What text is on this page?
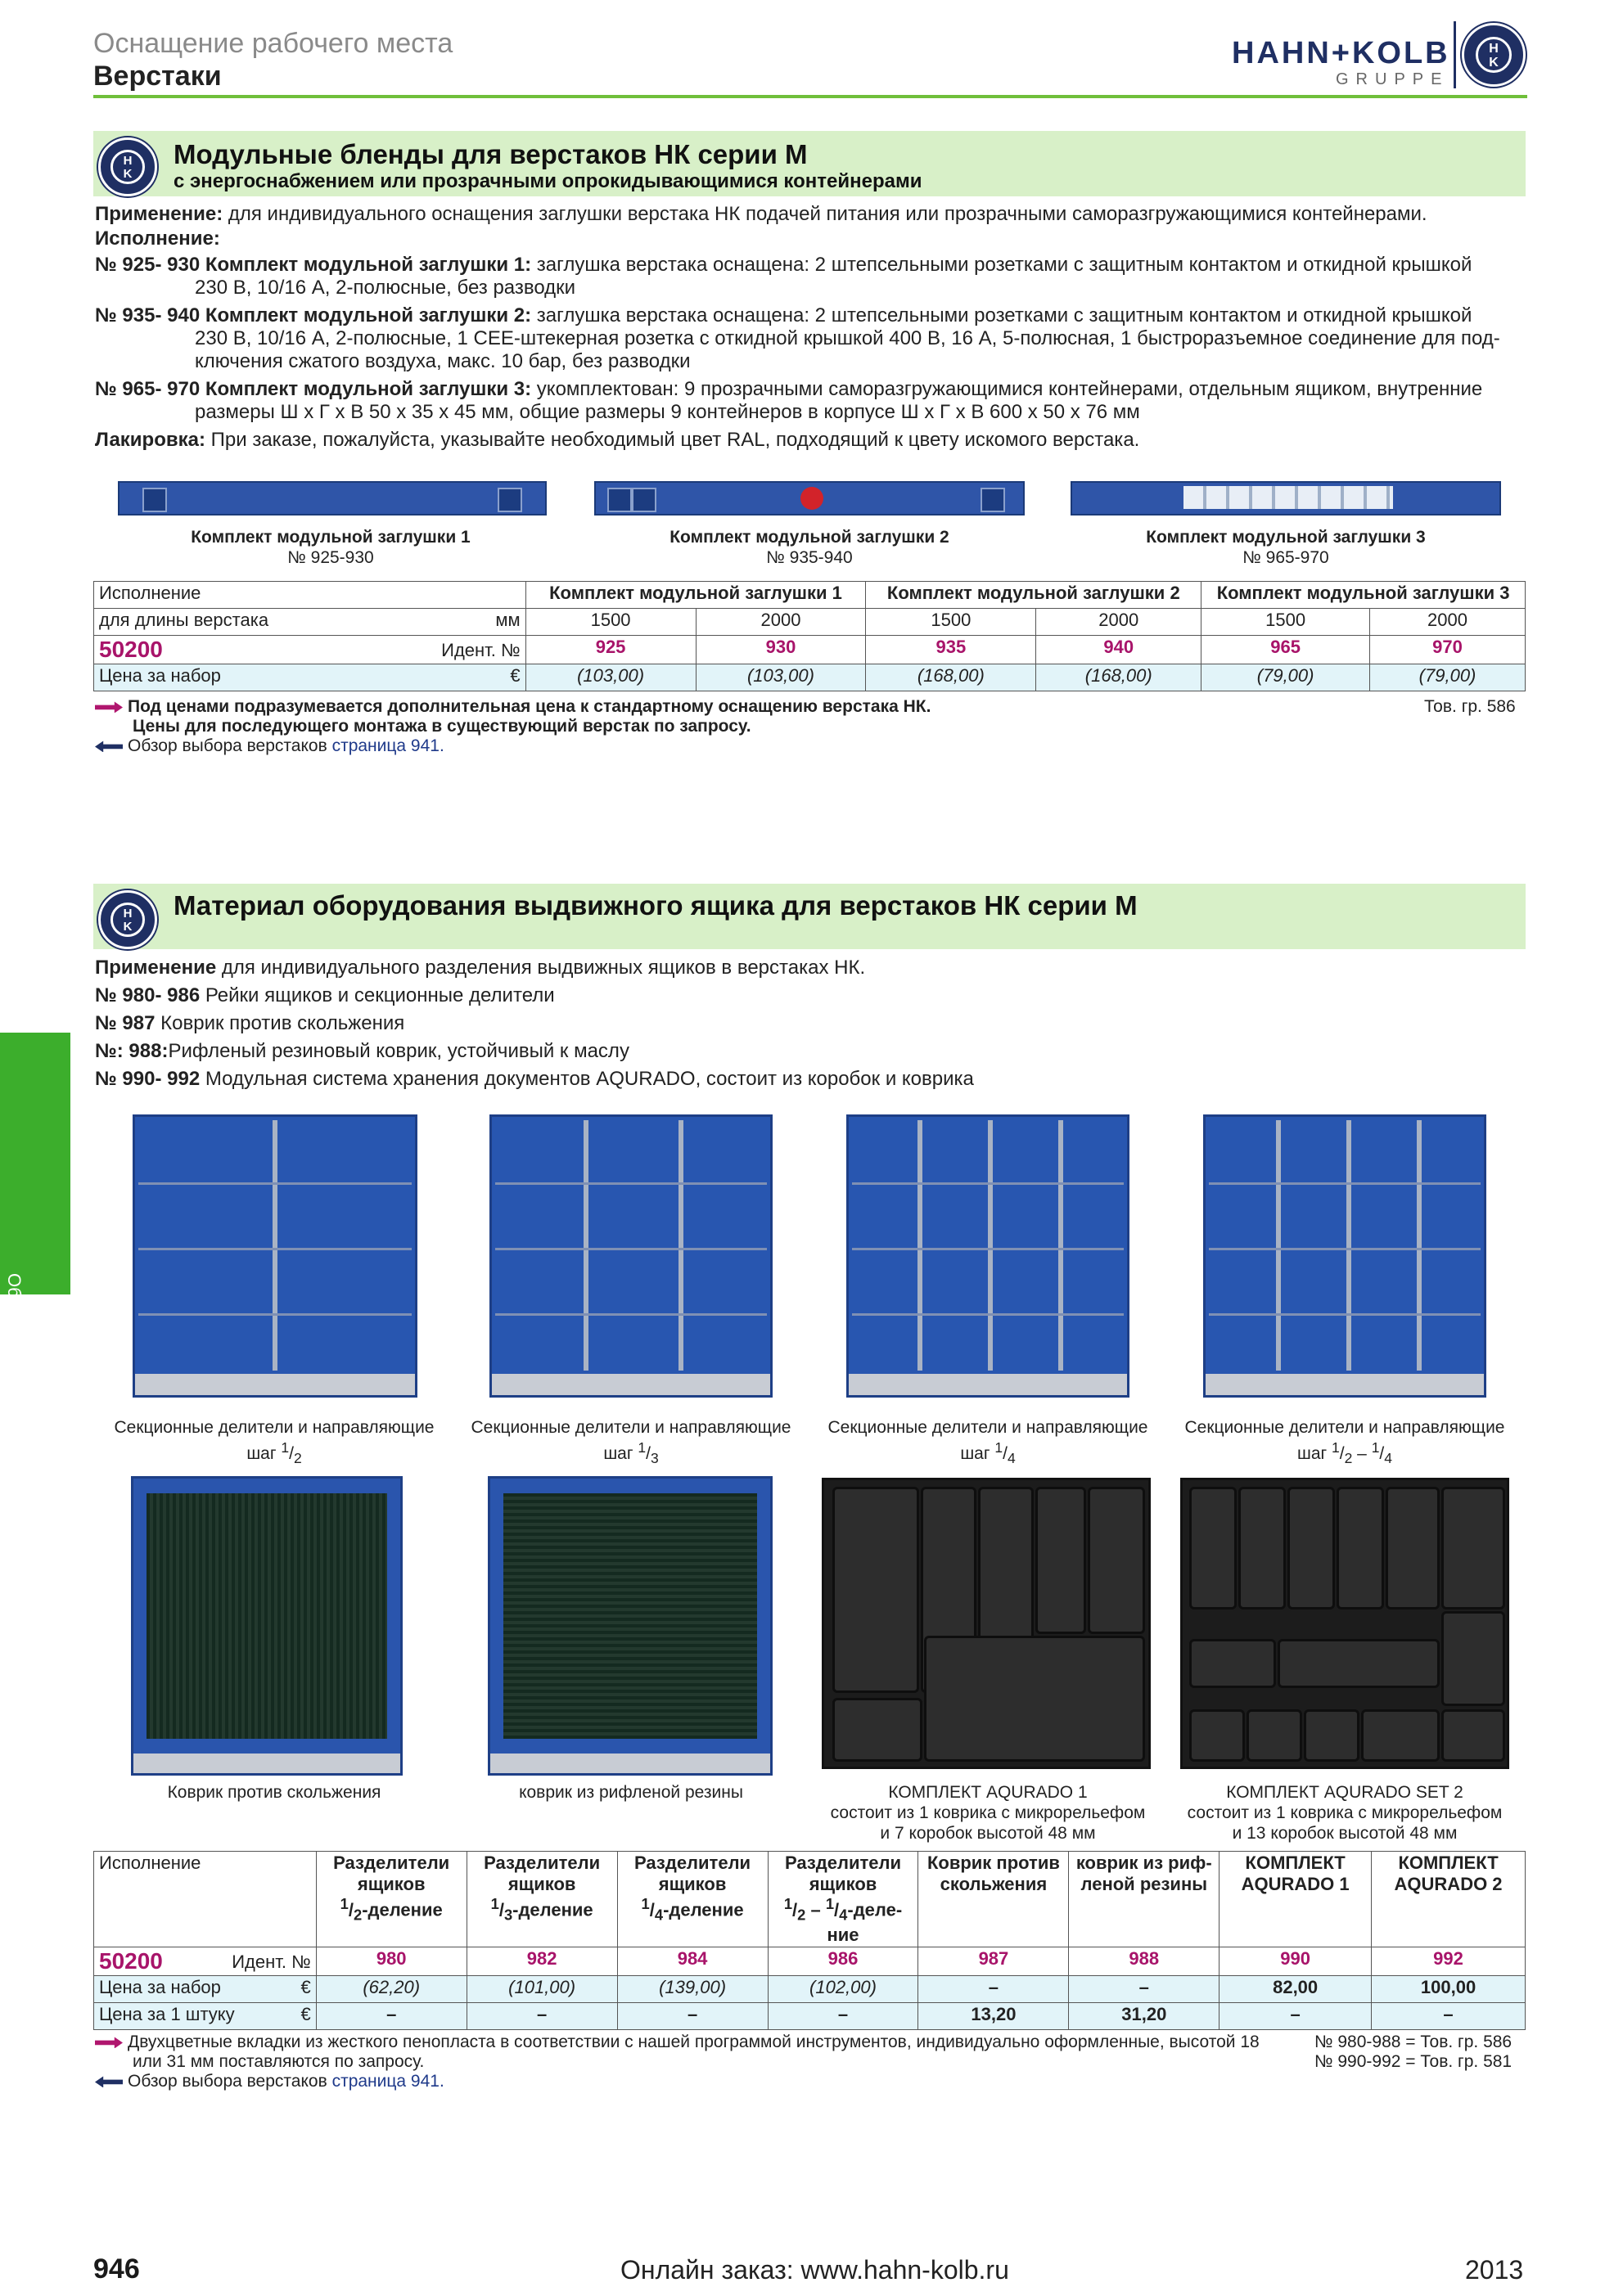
Оснащение рабочего места
Верстаки
HAHN+KOLB
GRUPPE
H
K
Общий инструмент
H
K
Модульные бленды для верстаков НК серии М
с энергоснабжением или прозрачными опрокидывающимися контейнерами
Применение: для индивидуального оснащения заглушки верстака НК подачей питания или прозрачными саморазгружающимися контейнерами.
Исполнение:
№ 925- 930 Комплект модульной заглушки 1: заглушка верстака оснащена: 2 штепсельными розетками с защитным контактом и откидной крышкой
230 В, 10/16 А, 2-полюсные, без разводки
№ 935- 940 Комплект модульной заглушки 2: заглушка верстака оснащена: 2 штепсельными розетками с защитным контактом и откидной крышкой
230 В, 10/16 А, 2-полюсные, 1 CEE-штекерная розетка с откидной крышкой 400 В, 16 А, 5-полюсная, 1 быстроразъемное соединение для под-
ключения сжатого воздуха, макс. 10 бар, без разводки
№ 965- 970 Комплект модульной заглушки 3: укомплектован: 9 прозрачными саморазгружающимися контейнерами, отдельным ящиком, внутренние
размеры Ш х Г х В 50 x 35 x 45 мм, общие размеры 9 контейнеров в корпусе Ш х Г х В 600 х 50 х 76 мм
Лакировка: При заказе, пожалуйста, указывайте необходимый цвет RAL, подходящий к цвету искомого верстака.
Комплект модульной заглушки 1
№ 925-930
Комплект модульной заглушки 2
№ 935-940
Комплект модульной заглушки 3
№ 965-970
Исполнение	Комплект модульной заглушки 1		Комплект модульной заглушки 2		Комплект модульной заглушки 3	
для длины верстака мм	1500	2000	1500	2000	1500	2000
50200 Идент. №	925	930	935	940	965	970
Цена за набор €	(103,00)	(103,00)	(168,00)	(168,00)	(79,00)	(79,00)
Под ценами подразумевается дополнительная цена к стандартному оснащению верстака НК.
Цены для последующего монтажа в существующий верстак по запросу.
Обзор выбора верстаков страница 941.
Тов. гр. 586
H
K
Материал оборудования выдвижного ящика для верстаков НК серии М
Применение для индивидуального разделения выдвижных ящиков в верстаках НК.
№ 980- 986 Рейки ящиков и секционные делители
№ 987 Коврик против скольжения
№: 988:Рифленый резиновый коврик, устойчивый к маслу
№ 990- 992 Модульная система хранения документов AQURADO, состоит из коробок и коврика
Секционные делители и направляющие
шаг $^1/_2$
Секционные делители и направляющие
шаг $^1/_3$
Секционные делители и направляющие
шаг $^1/_4$
Секционные делители и направляющие
шаг $^1/_2 - ^1/_4$
Коврик против скольжения	коврик из рифленой резины	КОМПЛЕКТ AQURADO 1
состоит из 1 коврика с микрорельефом
и 7 коробок высотой 48 мм
КОМПЛЕКТ AQURADO SET 2
состоит из 1 коврика с микрорельефом
и 13 коробок высотой 48 мм
Исполнение	Разделители
ящиков
$^1/_2$-деление	Разделители
ящиков
$^1/_3$-деление	Разделители
ящиков
$^1/_4$-деление	Разделители
ящиков
$^1/_2$ – $^1/_4-деле-$
ние	Коврик против
скольжения	коврик из риф-
леной резины	КОМПЛЕКТ
AQURADO 1	КОМПЛЕКТ
AQURADO 2
50200 Идент. №	980	982	984	986	987	988	990	992
Цена за набор €	(62,20)	(101,00)	(139,00)	(102,00)	–	–	82,00	100,00
Цена за 1 штуку €	–	–	–	–	13,20	31,20	–	–
Двухцветные вкладки из жесткого пенопласта в соответствии с нашей программой инструментов, индивидуально оформленные, высотой 18
или 31 мм поставляются по запросу.
Обзор выбора верстаков страница 941.
№ 980-988 = Тов. гр. 586
№ 990-992 = Тов. гр. 581
946	Онлайн заказ: www.hahn-kolb.ru	2013
